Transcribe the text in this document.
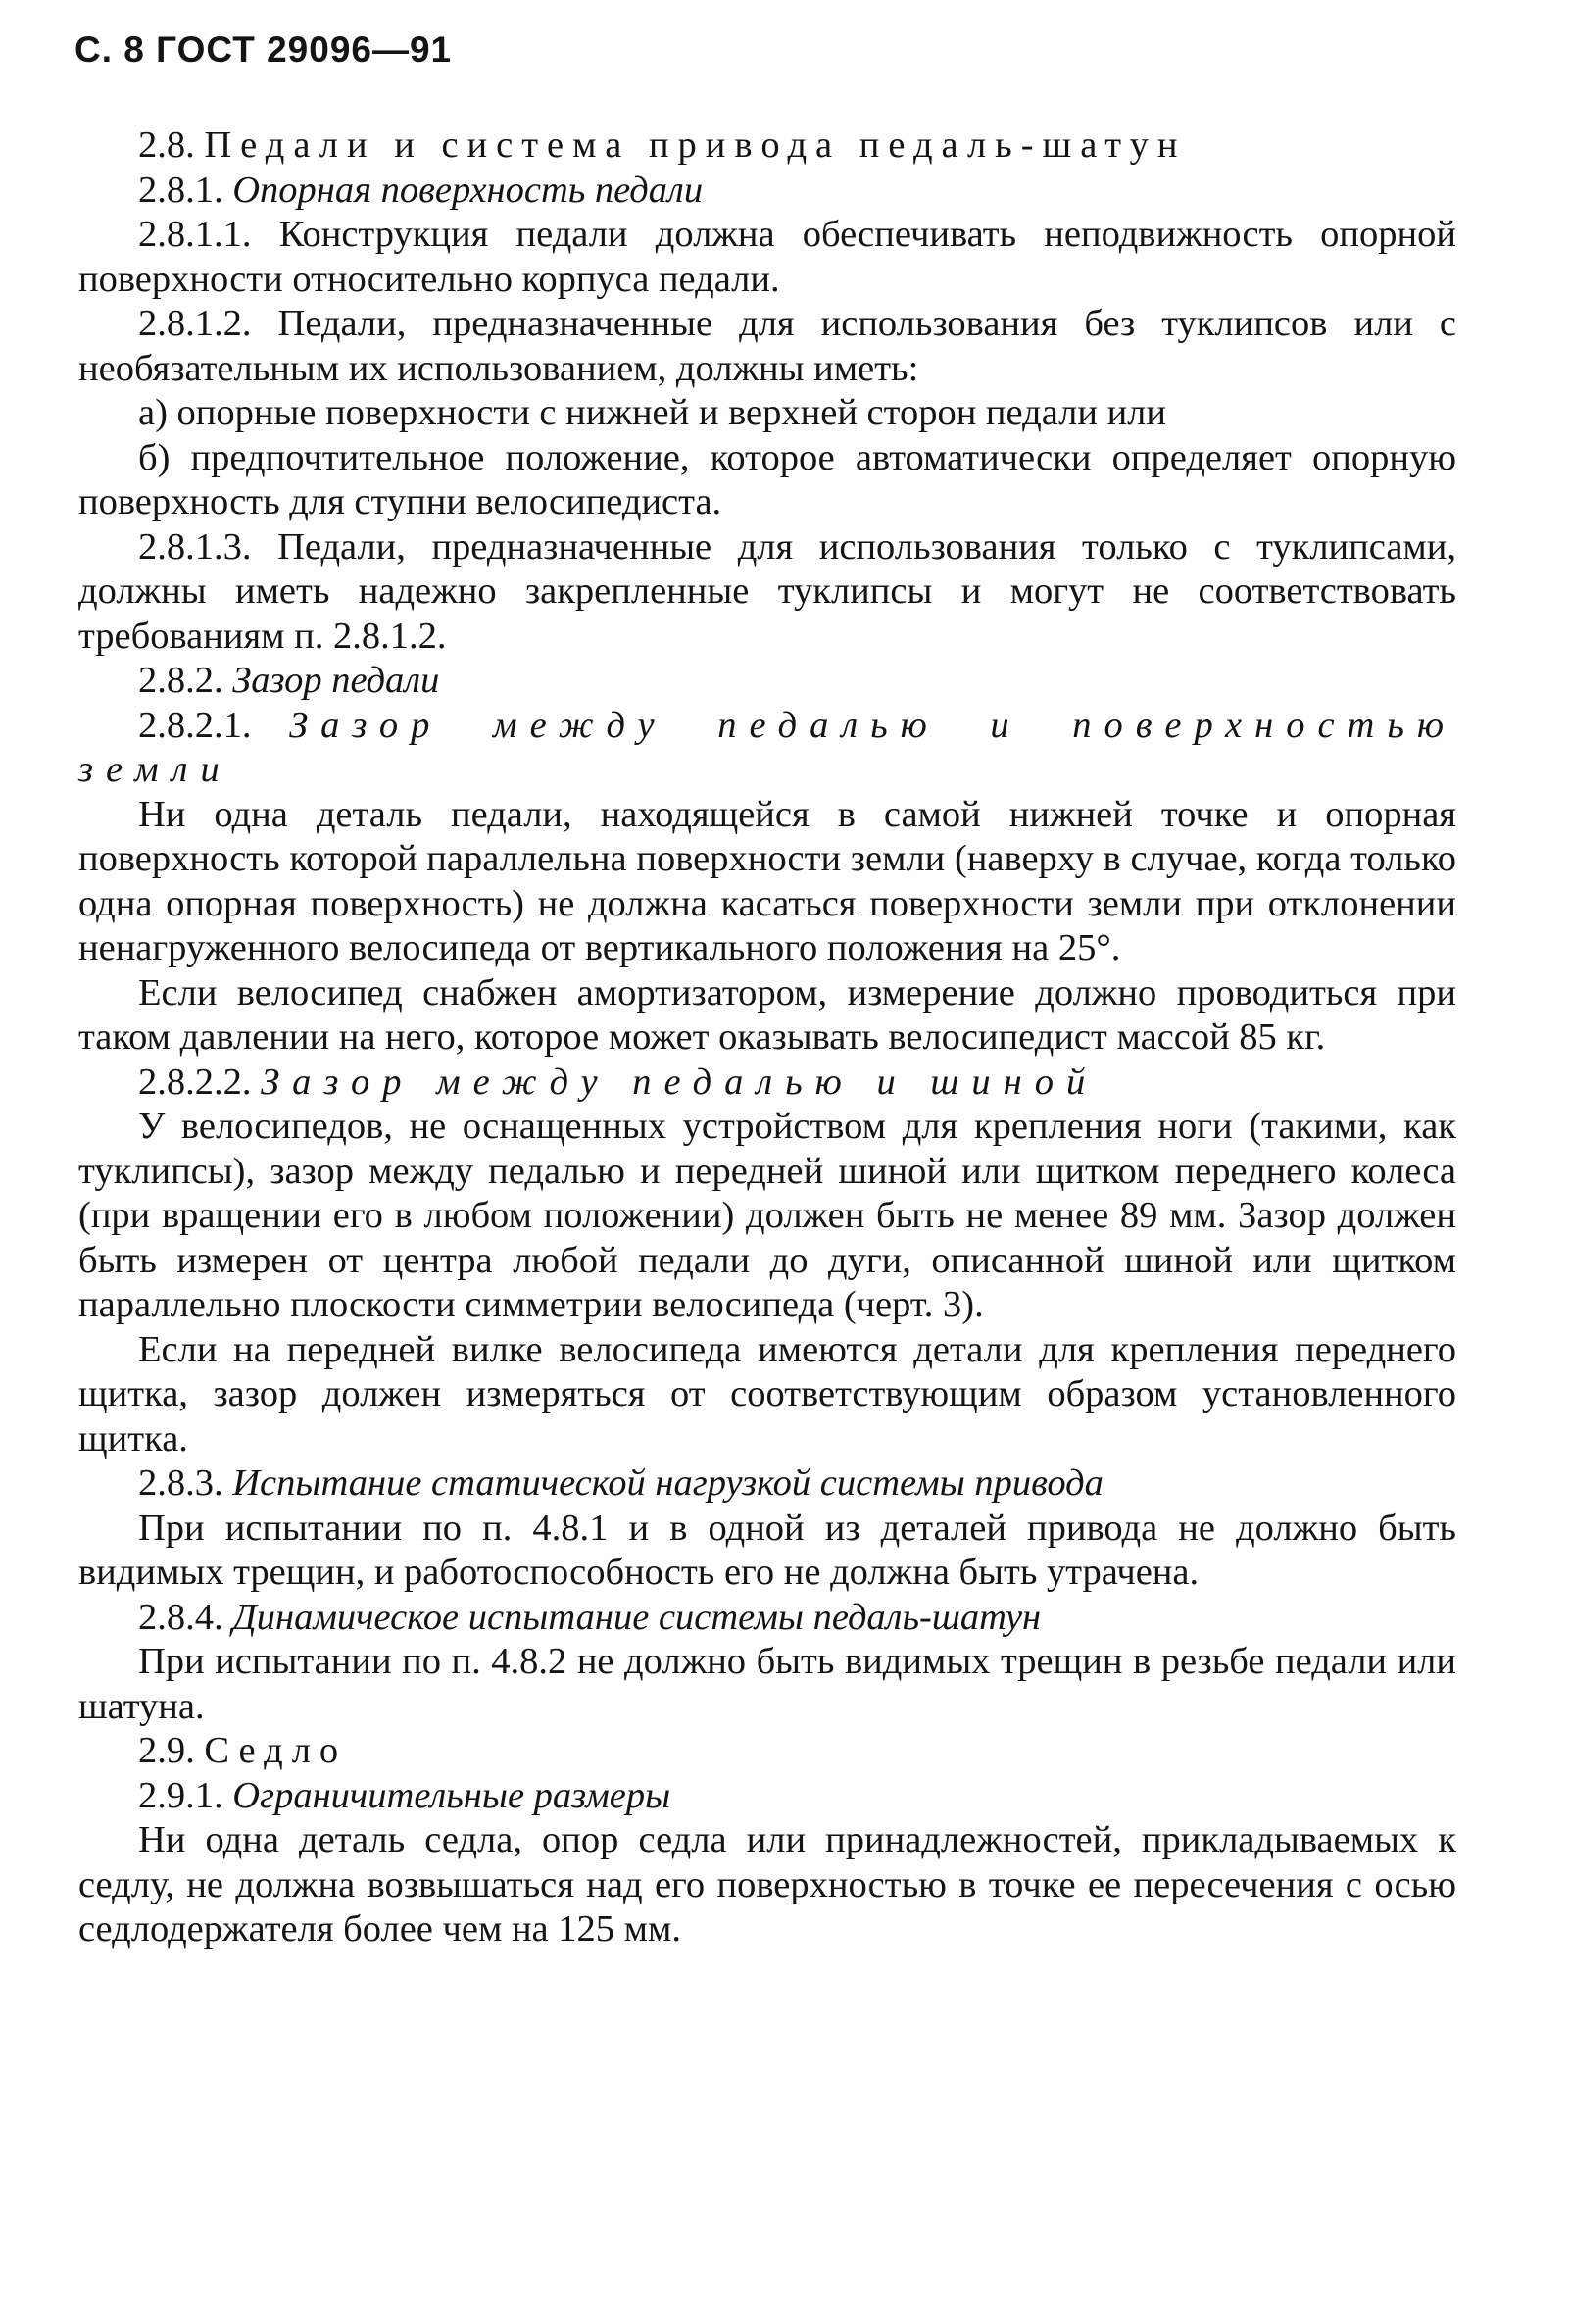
С. 8 ГОСТ 29096—91

2.8. Педали и система привода педаль-шатун

2.8.1. Опорная поверхность педали

2.8.1.1. Конструкция педали должна обеспечивать неподвижность опорной поверхности относительно корпуса педали.

2.8.1.2. Педали, предназначенные для использования без туклипсов или с необязательным их использованием, должны иметь:

а) опорные поверхности с нижней и верхней сторон педали или

б) предпочтительное положение, которое автоматически определяет опорную поверхность для ступни велосипедиста.

2.8.1.3. Педали, предназначенные для использования только с туклипсами, должны иметь надежно закрепленные туклипсы и могут не соответствовать требованиям п. 2.8.1.2.

2.8.2. Зазор педали

2.8.2.1. Зазор между педалью и поверхностью земли

Ни одна деталь педали, находящейся в самой нижней точке и опорная поверхность которой параллельна поверхности земли (наверху в случае, когда только одна опорная поверхность) не должна касаться поверхности земли при отклонении ненагруженного велосипеда от вертикального положения на 25°.

Если велосипед снабжен амортизатором, измерение должно проводиться при таком давлении на него, которое может оказывать велосипедист массой 85 кг.

2.8.2.2. Зазор между педалью и шиной

У велосипедов, не оснащенных устройством для крепления ноги (такими, как туклипсы), зазор между педалью и передней шиной или щитком переднего колеса (при вращении его в любом положении) должен быть не менее 89 мм. Зазор должен быть измерен от центра любой педали до дуги, описанной шиной или щитком параллельно плоскости симметрии велосипеда (черт. 3).

Если на передней вилке велосипеда имеются детали для крепления переднего щитка, зазор должен измеряться от соответствующим образом установленного щитка.

2.8.3. Испытание статической нагрузкой системы привода

При испытании по п. 4.8.1 и в одной из деталей привода не должно быть видимых трещин, и работоспособность его не должна быть утрачена.

2.8.4. Динамическое испытание системы педаль-шатун

При испытании по п. 4.8.2 не должно быть видимых трещин в резьбе педали или шатуна.

2.9. Седло

2.9.1. Ограничительные размеры

Ни одна деталь седла, опор седла или принадлежностей, прикладываемых к седлу, не должна возвышаться над его поверхностью в точке ее пересечения с осью седлодержателя более чем на 125 мм.
